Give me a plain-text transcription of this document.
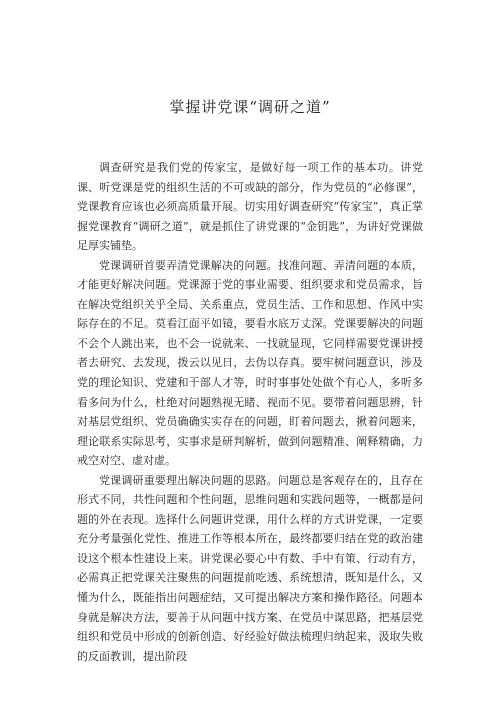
掌握讲党课“调研之道”

调查研究是我们党的传家宝，是做好每一项工作的基本功。讲党课、听党课是党的组织生活的不可或缺的部分，作为党员的“必修课”，党课教育应该也必须高质量开展。切实用好调查研究“传家宝”，真正掌握党课教育“调研之道”，就是抓住了讲党课的“金钥匙”，为讲好党课做足厚实铺垫。

党课调研首要弄清党课解决的问题。找准问题、弄清问题的本质，才能更好解决问题。党课源于党的事业需要、组织要求和党员需求，旨在解决党组织关乎全局、关系重点，党员生活、工作和思想、作风中实际存在的不足。莫看江面平如镜，要看水底万丈深。党课要解决的问题不会个人跳出来，也不会一说就来、一找就显现，它同样需要党课讲授者去研究、去发现，拨云以见日，去伪以存真。要牢树问题意识，涉及党的理论知识、党建和干部人才等，时时事事处处做个有心人，多听多看多问为什么，杜绝对问题熟视无睹、视而不见。要带着问题思辨，针对基层党组织、党员确确实实存在的问题，盯着问题去，揪着问题来，理论联系实际思考，实事求是研判解析，做到问题精准、阐释精确，力戒空对空、虚对虚。

党课调研重要理出解决问题的思路。问题总是客观存在的，且存在形式不同，共性问题和个性问题，思维问题和实践问题等，一概都是问题的外在表现。选择什么问题讲党课，用什么样的方式讲党课，一定要充分考量强化党性、推进工作等根本所在，最终都要归结在党的政治建设这个根本性建设上来。讲党课必要心中有数、手中有策、行动有方，必需真正把党课关注聚焦的问题提前吃透、系统想清，既知是什么，又懂为什么，既能指出问题症结，又可提出解决方案和操作路径。问题本身就是解决方法，要善于从问题中找方案、在党员中谋思路，把基层党组织和党员中形成的创新创造、好经验好做法梳理归纳起来，汲取失败的反面教训，提出阶段
